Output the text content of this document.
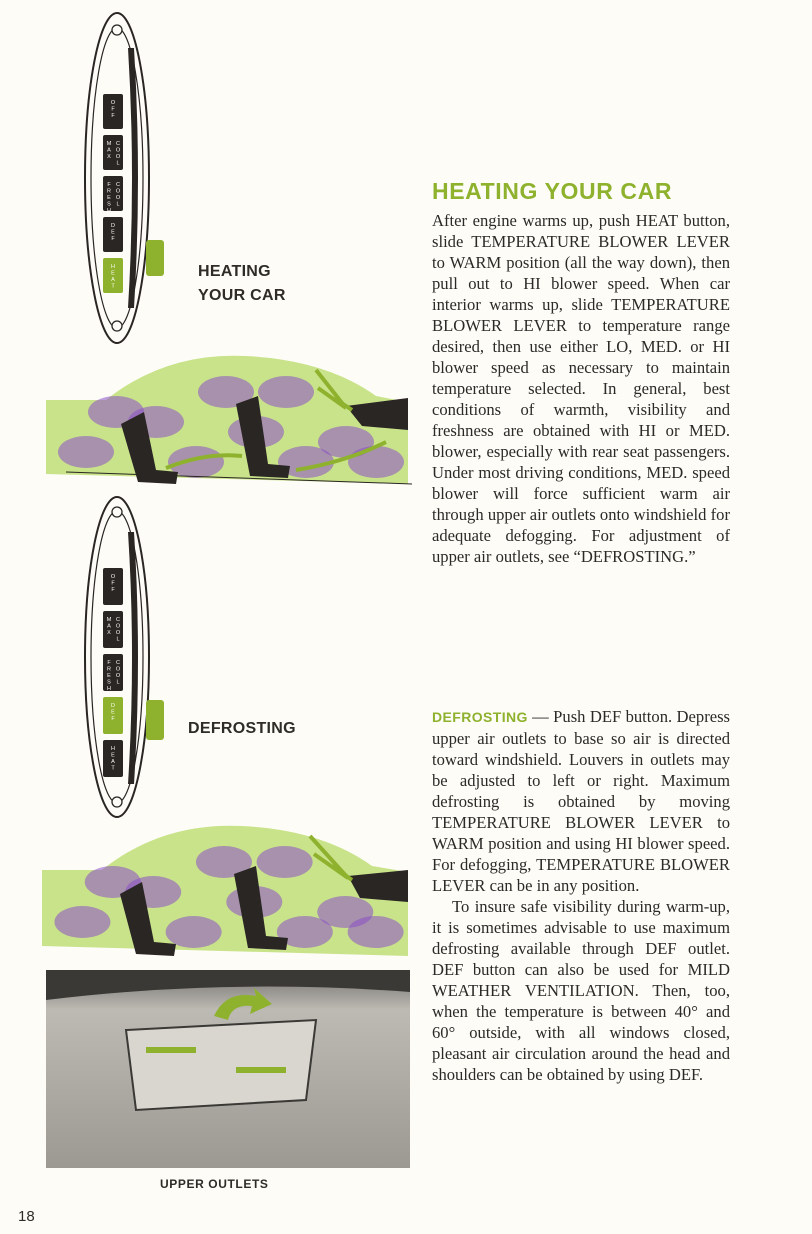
O
F
F
M
A
X
C
O
O
L
F
R
E
S
H
C
O
O
L
D
E
F
H
E
A
T
HEATING
YOUR CAR
O
F
F
M
A
X
C
O
O
L
F
R
E
S
H
C
O
O
L
D
E
F
H
E
A
T
DEFROSTING
UPPER OUTLETS
HEATING YOUR CAR

After engine warms up, push HEAT button, slide TEMPERATURE BLOWER LEVER to WARM position (all the way down), then pull out to HI blower speed. When car interior warms up, slide TEMPERATURE BLOWER LEVER to temperature range desired, then use either LO, MED. or HI blower speed as necessary to maintain temperature selected. In general, best conditions of warmth, visibility and freshness are obtained with HI or MED. blower, especially with rear seat passengers. Under most driving conditions, MED. speed blower will force sufficient warm air through upper air outlets onto windshield for adequate defogging. For adjustment of upper air outlets, see “DEFROSTING.”

DEFROSTING — Push DEF button. Depress upper air outlets to base so air is directed toward windshield. Louvers in outlets may be adjusted to left or right. Maximum defrosting is obtained by moving TEMPERATURE BLOWER LEVER to WARM position and using HI blower speed. For defogging, TEMPERATURE BLOWER LEVER can be in any position.

To insure safe visibility during warm-up, it is sometimes advisable to use maximum defrosting available through DEF outlet. DEF button can also be used for MILD WEATHER VENTILATION. Then, too, when the temperature is between 40° and 60° outside, with all windows closed, pleasant air circulation around the head and shoulders can be obtained by using DEF.

18
